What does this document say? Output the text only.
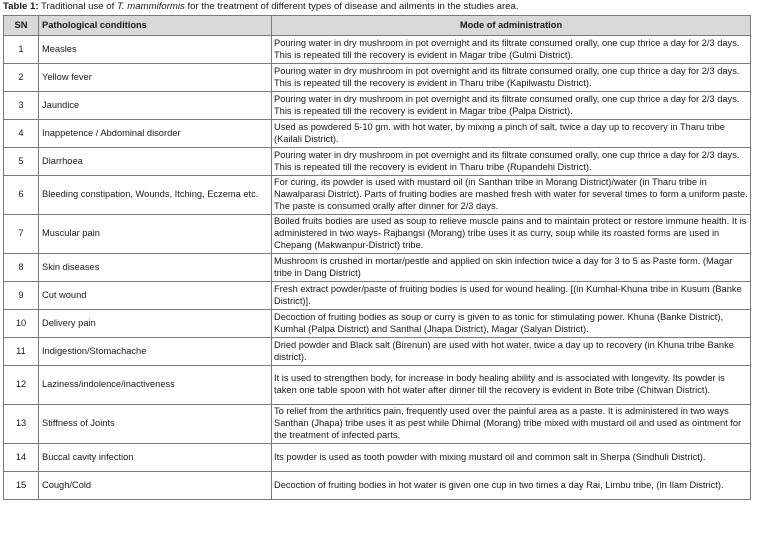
Table 1: Traditional use of T. mammiformis for the treatment of different types of disease and ailments in the studies area.
SN	Pathological conditions	Mode of administration
1	Measles	Pouring water in dry mushroom in pot overnight and its filtrate consumed orally, one cup thrice a day for 2/3 days. This is repeated till the recovery is evident in Magar tribe (Gulmi District).
2	Yellow fever	Pouring water in dry mushroom in pot overnight and its filtrate consumed orally, one cup thrice a day for 2/3 days. This is repeated till the recovery is evident in Tharu tribe (Kapilwastu District).
3	Jaundice	Pouring water in dry mushroom in pot overnight and its filtrate consumed orally, one cup thrice a day for 2/3 days. This is repeated till the recovery is evident in Magar tribe (Palpa District).
4	Inappetence / Abdominal disorder	Used as powdered 5-10 gm. with hot water, by mixing a pinch of salt, twice a day up to recovery in Tharu tribe (Kailali District).
5	Diarrhoea	Pouring water in dry mushroom in pot overnight and its filtrate consumed orally, one cup thrice a day for 2/3 days. This is repeated till the recovery is evident in Tharu tribe (Rupandehi District).
6	Bleeding constipation, Wounds, Itching, Eczema etc.	For curing, its powder is used with mustard oil (in Santhan tribe in Morang District)/water (in Tharu tribe in Nawalparasi District). Parts of fruiting bodies are mashed fresh with water for several times to form a uniform paste. The paste is consumed orally after dinner for 2/3 days.
7	Muscular pain	Boiled fruits bodies are used as soup to relieve muscle pains and to maintain protect or restore immune health. It is administered in two ways- Rajbangsi (Morang) tribe uses it as curry, soup while its roasted forms are used in Chepang (Makwanpur-District) tribe.
8	Skin diseases	Mushroom is crushed in mortar/pestle and applied on skin infection twice a day for 3 to 5 as Paste form. (Magar tribe in Dang District)
9	Cut wound	Fresh extract powder/paste of fruiting bodies is used for wound healing. [(in Kumhal-Khuna tribe in Kusum (Banke District)].
10	Delivery pain	Decoction of fruiting bodies as soup or curry is given to as tonic for stimulating power. Khuna (Banke District), Kumhal (Palpa District) and Santhal (Jhapa District), Magar (Salyan District).
11	Indigestion/Stomachache	Dried powder and Black salt (Birenun) are used with hot water, twice a day up to recovery (in Khuna tribe Banke district).
12	Laziness/indolence/inactiveness	It is used to strengthen body, for increase in body healing ability and is associated with longevity. Its powder is taken one table spoon with hot water after dinner till the recovery is evident in Bote tribe (Chitwan District).
13	Stiffness of Joints	To relief from the arthritics pain, frequently used over the painful area as a paste. It is administered in two ways Santhan (Jhapa) tribe uses it as pest while Dhimal (Morang) tribe mixed with mustard oil and used as ointment for the treatment of infected parts.
14	Buccal cavity infection	Its powder is used as tooth powder with mixing mustard oil and common salt in Sherpa (Sindhuli District).
15	Cough/Cold	Decoction of fruiting bodies in hot water is given one cup in two times a day Rai, Limbu tribe, (in Ilam District).
